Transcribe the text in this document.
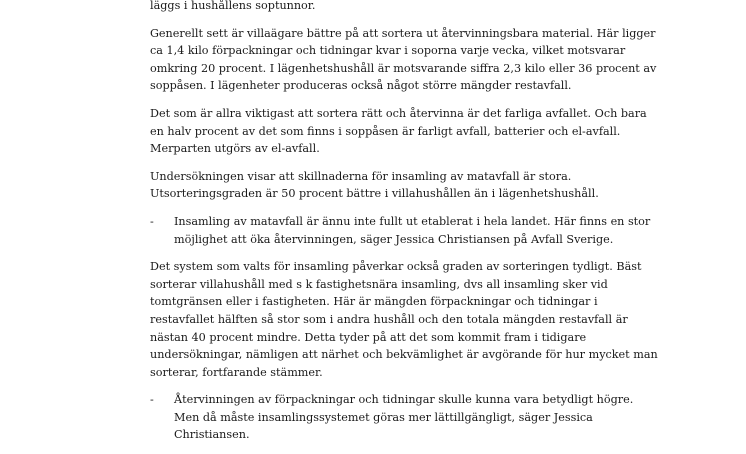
läggs i hushållens soptunnor.

Generellt sett är villaägare bättre på att sortera ut återvinningsbara material. Här ligger ca 1,4 kilo förpackningar och tidningar kvar i soporna varje vecka, vilket motsvarar omkring 20 procent. I lägenhetshushåll är motsvarande siffra 2,3 kilo eller 36 procent av soppåsen. I lägenheter produceras också något större mängder restavfall.

Det som är allra viktigast att sortera rätt och återvinna är det farliga avfallet. Och bara en halv procent av det som finns i soppåsen är farligt avfall, batterier och el-avfall. Merparten utgörs av el-avfall.

Undersökningen visar att skillnaderna för insamling av matavfall är stora. Utsorteringsgraden är 50 procent bättre i villahushållen än i lägenhetshushåll.

- Insamling av matavfall är ännu inte fullt ut etablerat i hela landet. Här finns en stor möjlighet att öka återvinningen, säger Jessica Christiansen på Avfall Sverige.

Det system som valts för insamling påverkar också graden av sorteringen tydligt. Bäst sorterar villahushåll med s k fastighetsnära insamling, dvs all insamling sker vid tomtgränsen eller i fastigheten. Här är mängden förpackningar och tidningar i restavfallet hälften så stor som i andra hushåll och den totala mängden restavfall är nästan 40 procent mindre. Detta tyder på att det som kommit fram i tidigare undersökningar, nämligen att närhet och bekvämlighet är avgörande för hur mycket man sorterar, fortfarande stämmer.

- Återvinningen av förpackningar och tidningar skulle kunna vara betydligt högre. Men då måste insamlingssystemet göras mer lättillgängligt, säger Jessica Christiansen.
